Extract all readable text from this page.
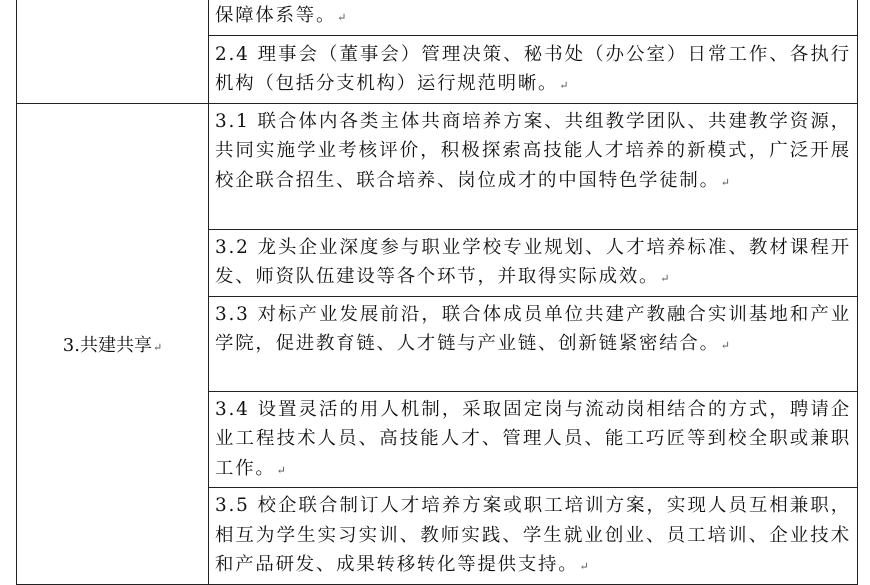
	保障体系等。↵

	2.4 理事会（董事会）管理决策、秘书处（办公室）日常工作、各执行机构（包括分支机构）运行规范明晰。↵

3.共建共享↵	3.1 联合体内各类主体共商培养方案、共组教学团队、共建教学资源，共同实施学业考核评价，积极探索高技能人才培养的新模式，广泛开展校企联合招生、联合培养、岗位成才的中国特色学徒制。↵

	3.2 龙头企业深度参与职业学校专业规划、人才培养标准、教材课程开发、师资队伍建设等各个环节，并取得实际成效。↵

	3.3 对标产业发展前沿，联合体成员单位共建产教融合实训基地和产业学院，促进教育链、人才链与产业链、创新链紧密结合。↵

	3.4 设置灵活的用人机制，采取固定岗与流动岗相结合的方式，聘请企业工程技术人员、高技能人才、管理人员、能工巧匠等到校全职或兼职工作。↵

	3.5 校企联合制订人才培养方案或职工培训方案，实现人员互相兼职，相互为学生实习实训、教师实践、学生就业创业、员工培训、企业技术和产品研发、成果转移转化等提供支持。↵
